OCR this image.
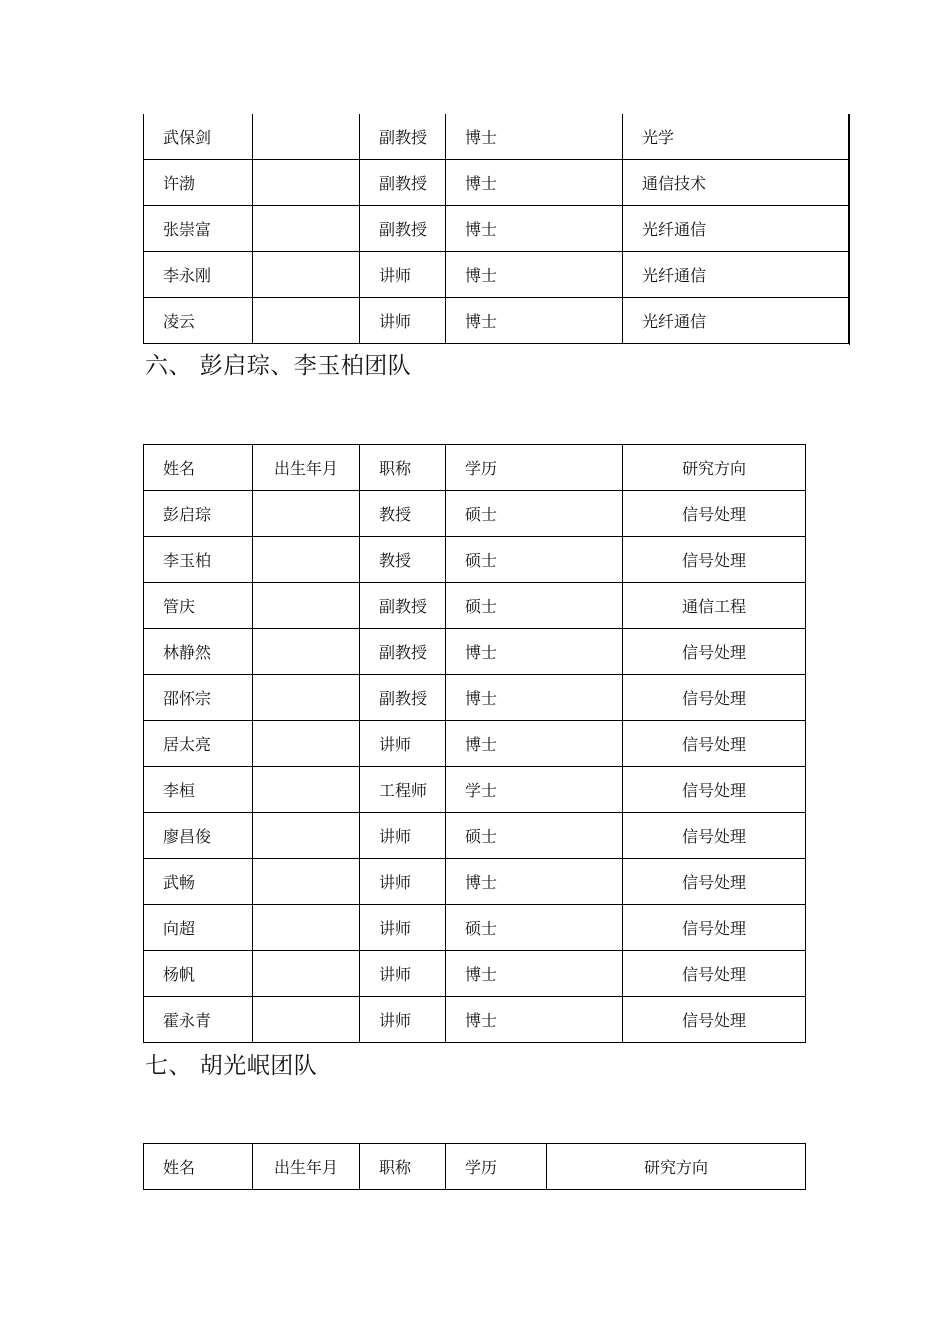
武保剑		副教授	博士	光学
许渤		副教授	博士	通信技术
张崇富		副教授	博士	光纤通信
李永刚		讲师	博士	光纤通信
凌云		讲师	博士	光纤通信
六、 彭启琮、李玉柏团队
姓名	出生年月	职称	学历	研究方向
彭启琮		教授	硕士	信号处理
李玉柏		教授	硕士	信号处理
管庆		副教授	硕士	通信工程
林静然		副教授	博士	信号处理
邵怀宗		副教授	博士	信号处理
居太亮		讲师	博士	信号处理
李桓		工程师	学士	信号处理
廖昌俊		讲师	硕士	信号处理
武畅		讲师	博士	信号处理
向超		讲师	硕士	信号处理
杨帆		讲师	博士	信号处理
霍永青		讲师	博士	信号处理
七、 胡光岷团队
姓名	出生年月	职称	学历	研究方向
